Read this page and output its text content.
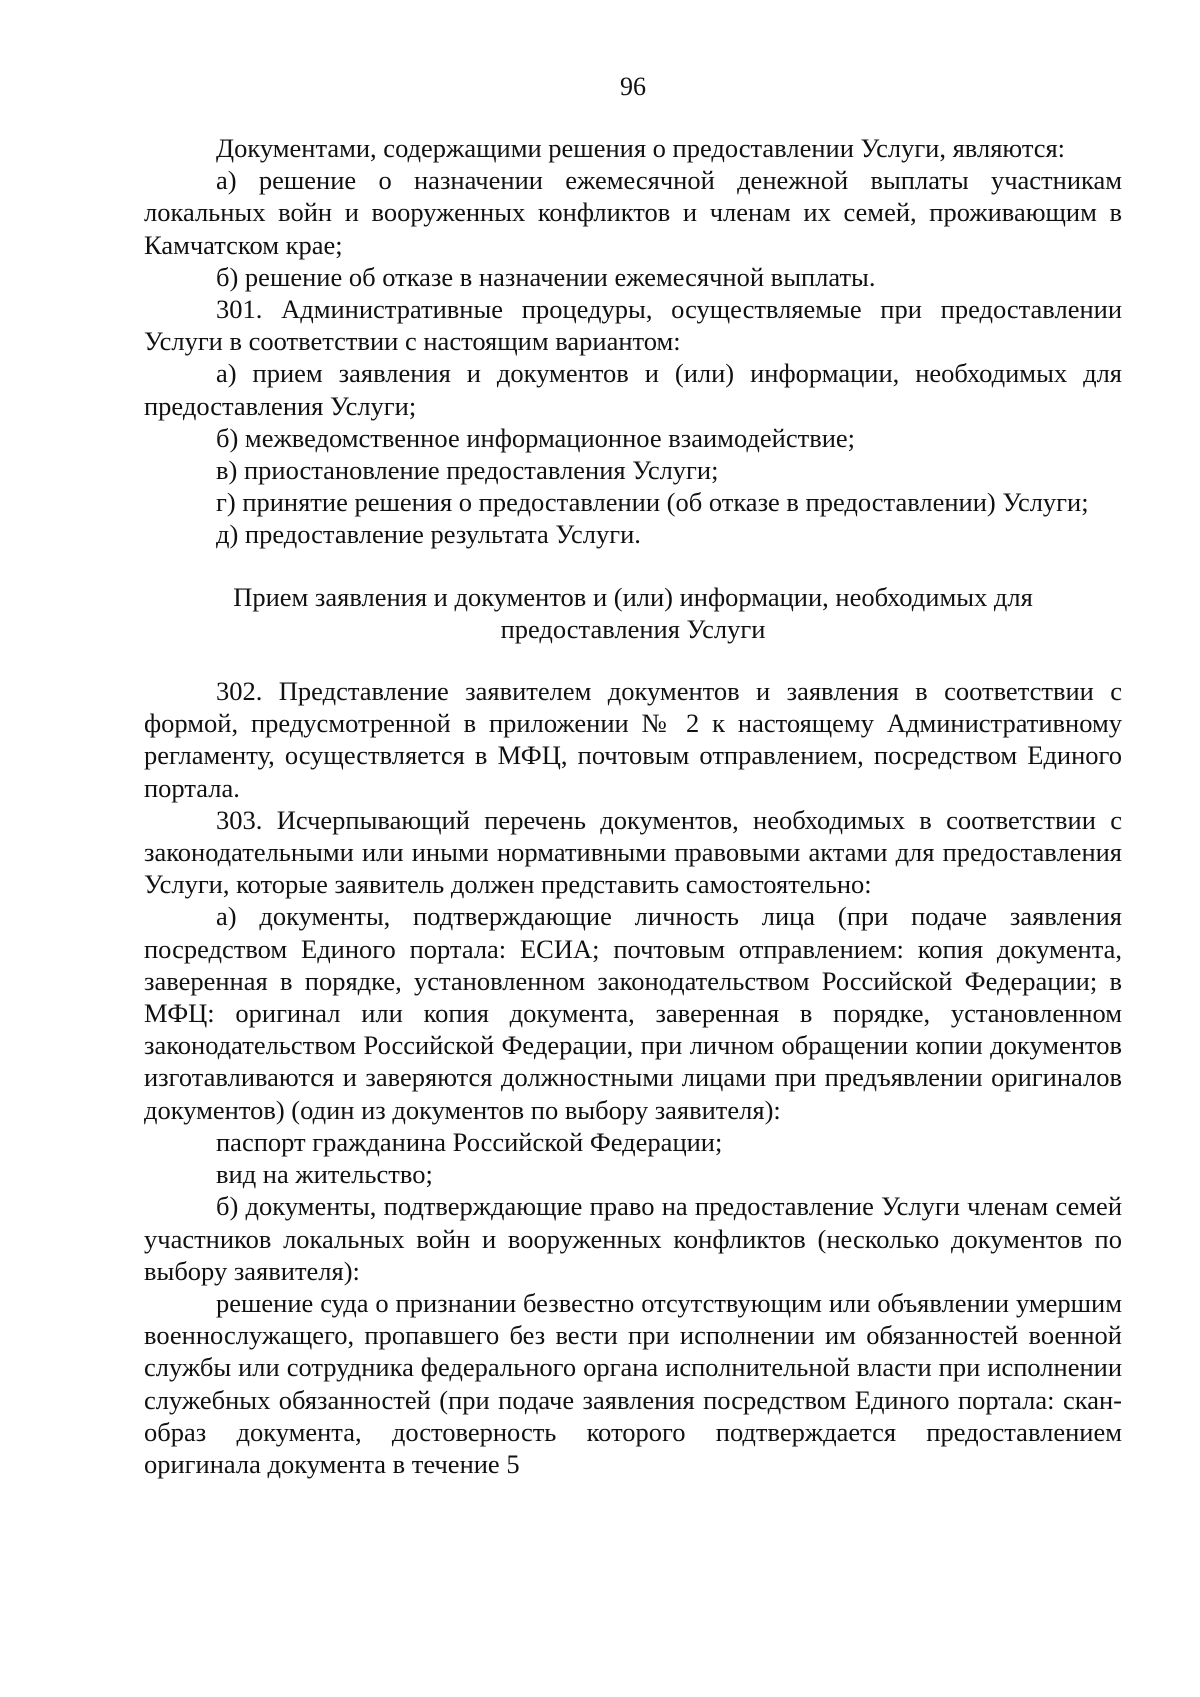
96

Документами, содержащими решения о предоставлении Услуги, являются:

а) решение о назначении ежемесячной денежной выплаты участникам локальных войн и вооруженных конфликтов и членам их семей, проживающим в Камчатском крае;

б) решение об отказе в назначении ежемесячной выплаты.

301. Административные процедуры, осуществляемые при предоставлении Услуги в соответствии с настоящим вариантом:

а) прием заявления и документов и (или) информации, необходимых для предоставления Услуги;

б) межведомственное информационное взаимодействие;

в) приостановление предоставления Услуги;

г) принятие решения о предоставлении (об отказе в предоставлении) Услуги;

д) предоставление результата Услуги.

Прием заявления и документов и (или) информации, необходимых для предоставления Услуги

302. Представление заявителем документов и заявления в соответствии с формой, предусмотренной в приложении № 2 к настоящему Административному регламенту, осуществляется в МФЦ, почтовым отправлением, посредством Единого портала.

303. Исчерпывающий перечень документов, необходимых в соответствии с законодательными или иными нормативными правовыми актами для предоставления Услуги, которые заявитель должен представить самостоятельно:

а) документы, подтверждающие личность лица (при подаче заявления посредством Единого портала: ЕСИА; почтовым отправлением: копия документа, заверенная в порядке, установленном законодательством Российской Федерации; в МФЦ: оригинал или копия документа, заверенная в порядке, установленном законодательством Российской Федерации, при личном обращении копии документов изготавливаются и заверяются должностными лицами при предъявлении оригиналов документов) (один из документов по выбору заявителя):

паспорт гражданина Российской Федерации;

вид на жительство;

б) документы, подтверждающие право на предоставление Услуги членам семей участников локальных войн и вооруженных конфликтов (несколько документов по выбору заявителя):

решение суда о признании безвестно отсутствующим или объявлении умершим военнослужащего, пропавшего без вести при исполнении им обязанностей военной службы или сотрудника федерального органа исполнительной власти при исполнении служебных обязанностей (при подаче заявления посредством Единого портала: скан-образ документа, достоверность которого подтверждается предоставлением оригинала документа в течение 5
